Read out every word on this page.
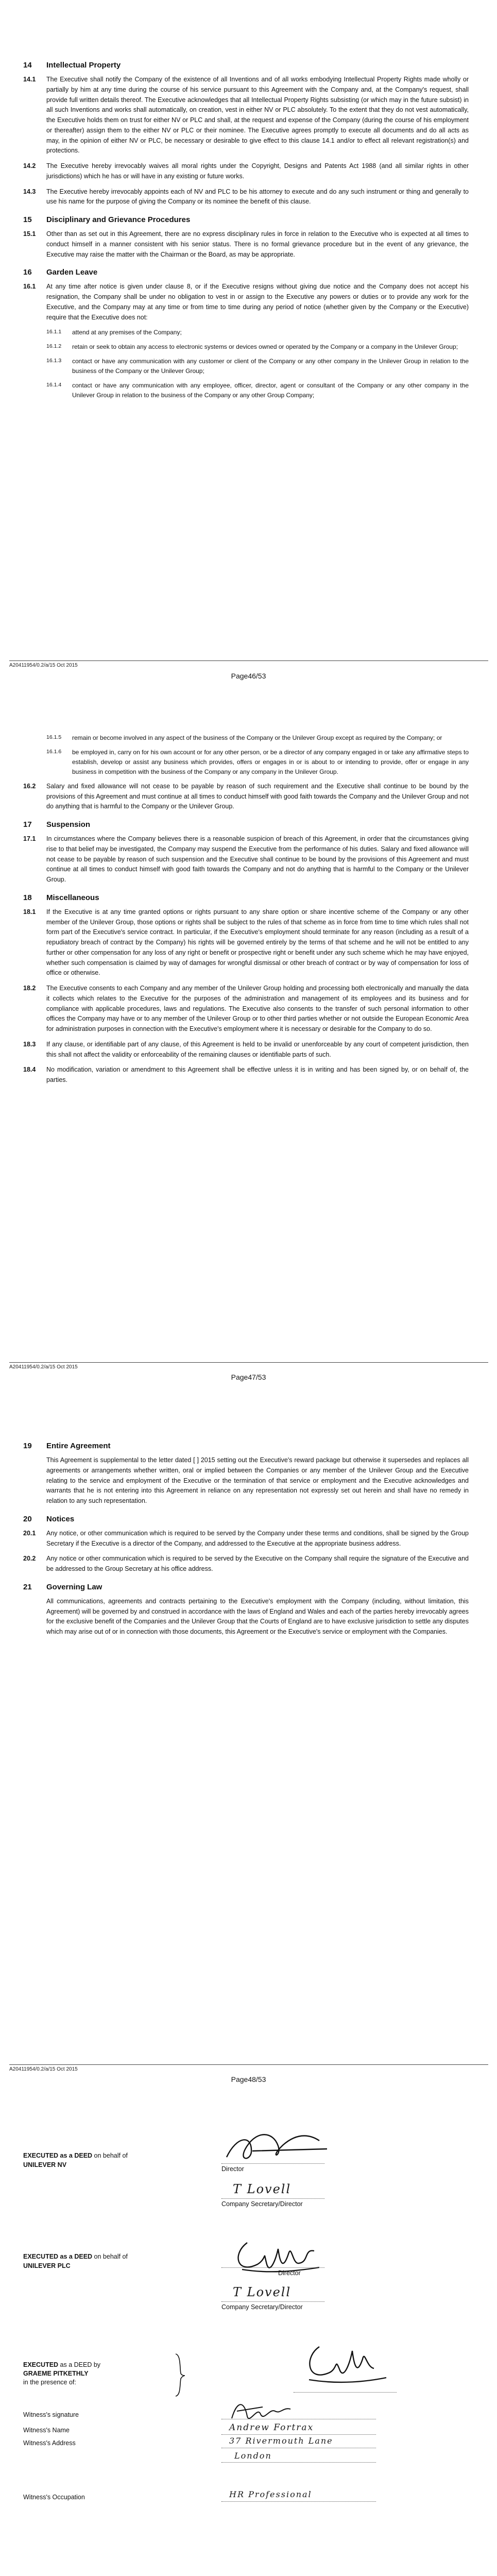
14	Intellectual Property
14.1	The Executive shall notify the Company of the existence of all Inventions and of all works embodying Intellectual Property Rights made wholly or partially by him at any time during the course of his service pursuant to this Agreement with the Company and, at the Company's request, shall provide full written details thereof. The Executive acknowledges that all Intellectual Property Rights subsisting (or which may in the future subsist) in all such Inventions and works shall automatically, on creation, vest in either NV or PLC absolutely. To the extent that they do not vest automatically, the Executive holds them on trust for either NV or PLC and shall, at the request and expense of the Company (during the course of his employment or thereafter) assign them to the either NV or PLC or their nominee. The Executive agrees promptly to execute all documents and do all acts as may, in the opinion of either NV or PLC, be necessary or desirable to give effect to this clause 14.1 and/or to effect all relevant registration(s) and protections.
14.2	The Executive hereby irrevocably waives all moral rights under the Copyright, Designs and Patents Act 1988 (and all similar rights in other jurisdictions) which he has or will have in any existing or future works.
14.3	The Executive hereby irrevocably appoints each of NV and PLC to be his attorney to execute and do any such instrument or thing and generally to use his name for the purpose of giving the Company or its nominee the benefit of this clause.
15	Disciplinary and Grievance Procedures
15.1	Other than as set out in this Agreement, there are no express disciplinary rules in force in relation to the Executive who is expected at all times to conduct himself in a manner consistent with his senior status. There is no formal grievance procedure but in the event of any grievance, the Executive may raise the matter with the Chairman or the Board, as may be appropriate.
16	Garden Leave
16.1	At any time after notice is given under clause 8, or if the Executive resigns without giving due notice and the Company does not accept his resignation, the Company shall be under no obligation to vest in or assign to the Executive any powers or duties or to provide any work for the Executive, and the Company may at any time or from time to time during any period of notice (whether given by the Company or the Executive) require that the Executive does not:
16.1.1	attend at any premises of the Company;
16.1.2	retain or seek to obtain any access to electronic systems or devices owned or operated by the Company or a company in the Unilever Group;
16.1.3	contact or have any communication with any customer or client of the Company or any other company in the Unilever Group in relation to the business of the Company or the Unilever Group;
16.1.4	contact or have any communication with any employee, officer, director, agent or consultant of the Company or any other company in the Unilever Group in relation to the business of the Company or any other Group Company;
A20411954/0.2/a/15 Oct 2015
Page46/53
16.1.5	remain or become involved in any aspect of the business of the Company or the Unilever Group except as required by the Company; or
16.1.6	be employed in, carry on for his own account or for any other person, or be a director of any company engaged in or take any affirmative steps to establish, develop or assist any business which provides, offers or engages in or is about to or intending to provide, offer or engage in any business in competition with the business of the Company or any company in the Unilever Group.
16.2	Salary and fixed allowance will not cease to be payable by reason of such requirement and the Executive shall continue to be bound by the provisions of this Agreement and must continue at all times to conduct himself with good faith towards the Company and the Unilever Group and not do anything that is harmful to the Company or the Unilever Group.
17	Suspension
17.1	In circumstances where the Company believes there is a reasonable suspicion of breach of this Agreement, in order that the circumstances giving rise to that belief may be investigated, the Company may suspend the Executive from the performance of his duties. Salary and fixed allowance will not cease to be payable by reason of such suspension and the Executive shall continue to be bound by the provisions of this Agreement and must continue at all times to conduct himself with good faith towards the Company and not do anything that is harmful to the Company or the Unilever Group.
18	Miscellaneous
18.1	If the Executive is at any time granted options or rights pursuant to any share option or share incentive scheme of the Company or any other member of the Unilever Group, those options or rights shall be subject to the rules of that scheme as in force from time to time which rules shall not form part of the Executive's service contract. In particular, if the Executive's employment should terminate for any reason (including as a result of a repudiatory breach of contract by the Company) his rights will be governed entirely by the terms of that scheme and he will not be entitled to any further or other compensation for any loss of any right or benefit or prospective right or benefit under any such scheme which he may have enjoyed, whether such compensation is claimed by way of damages for wrongful dismissal or other breach of contract or by way of compensation for loss of office or otherwise.
18.2	The Executive consents to each Company and any member of the Unilever Group holding and processing both electronically and manually the data it collects which relates to the Executive for the purposes of the administration and management of its employees and its business and for compliance with applicable procedures, laws and regulations. The Executive also consents to the transfer of such personal information to other offices the Company may have or to any member of the Unilever Group or to other third parties whether or not outside the European Economic Area for administration purposes in connection with the Executive's employment where it is necessary or desirable for the Company to do so.
18.3	If any clause, or identifiable part of any clause, of this Agreement is held to be invalid or unenforceable by any court of competent jurisdiction, then this shall not affect the validity or enforceability of the remaining clauses or identifiable parts of such.
18.4	No modification, variation or amendment to this Agreement shall be effective unless it is in writing and has been signed by, or on behalf of, the parties.
A20411954/0.2/a/15 Oct 2015
Page47/53
19	Entire Agreement
This Agreement is supplemental to the letter dated [ ] 2015 setting out the Executive's reward package but otherwise it supersedes and replaces all agreements or arrangements whether written, oral or implied between the Companies or any member of the Unilever Group and the Executive relating to the service and employment of the Executive or the termination of that service or employment and the Executive acknowledges and warrants that he is not entering into this Agreement in reliance on any representation not expressly set out herein and shall have no remedy in relation to any such representation.
20	Notices
20.1	Any notice, or other communication which is required to be served by the Company under these terms and conditions, shall be signed by the Group Secretary if the Executive is a director of the Company, and addressed to the Executive at the appropriate business address.
20.2	Any notice or other communication which is required to be served by the Executive on the Company shall require the signature of the Executive and be addressed to the Group Secretary at his office address.
21	Governing Law
All communications, agreements and contracts pertaining to the Executive's employment with the Company (including, without limitation, this Agreement) will be governed by and construed in accordance with the laws of England and Wales and each of the parties hereby irrevocably agrees for the exclusive benefit of the Companies and the Unilever Group that the Courts of England are to have exclusive jurisdiction to settle any disputes which may arise out of or in connection with those documents, this Agreement or the Executive's service or employment with the Companies.
A20411954/0.2/a/15 Oct 2015
Page48/53
EXECUTED as a DEED on behalf of
UNILEVER NV
Director
T Lovell
Company Secretary/Director
EXECUTED as a DEED on behalf of
UNILEVER PLC
Director
T Lovell
Company Secretary/Director
EXECUTED as a DEED by
GRAEME PITKETHLY
in the presence of:
Witness's signature
Witness's Name	Andrew Fortrax
Witness's Address	37 Rivermouth Lane
London
Witness's Occupation	HR Professional
